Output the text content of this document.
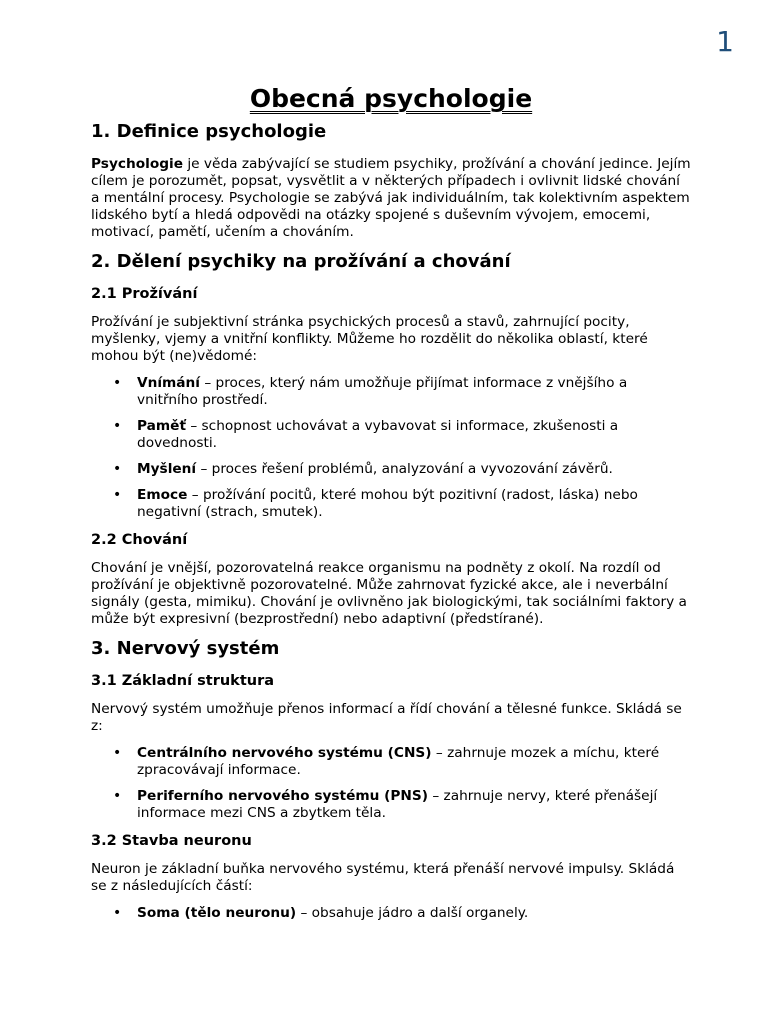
1
Obecná psychologie
1. Definice psychologie

Psychologie je věda zabývající se studiem psychiky, prožívání a chování jedince. Jejím cílem je porozumět, popsat, vysvětlit a v některých případech i ovlivnit lidské chování a mentální procesy. Psychologie se zabývá jak individuálním, tak kolektivním aspektem lidského bytí a hledá odpovědi na otázky spojené s duševním vývojem, emocemi, motivací, pamětí, učením a chováním.

2. Dělení psychiky na prožívání a chování
2.1 Prožívání

Prožívání je subjektivní stránka psychických procesů a stavů, zahrnující pocity, myšlenky, vjemy a vnitřní konflikty. Můžeme ho rozdělit do několika oblastí, které mohou být (ne)vědomé:

• Vnímání – proces, který nám umožňuje přijímat informace z vnějšího a vnitřního prostředí.
• Paměť – schopnost uchovávat a vybavovat si informace, zkušenosti a dovednosti.
• Myšlení – proces řešení problémů, analyzování a vyvozování závěrů.
• Emoce – prožívání pocitů, které mohou být pozitivní (radost, láska) nebo negativní (strach, smutek).
2.2 Chování

Chování je vnější, pozorovatelná reakce organismu na podněty z okolí. Na rozdíl od prožívání je objektivně pozorovatelné. Může zahrnovat fyzické akce, ale i neverbální signály (gesta, mimiku). Chování je ovlivněno jak biologickými, tak sociálními faktory a může být expresivní (bezprostřední) nebo adaptivní (předstírané).

3. Nervový systém
3.1 Základní struktura

Nervový systém umožňuje přenos informací a řídí chování a tělesné funkce. Skládá se z:

• Centrálního nervového systému (CNS) – zahrnuje mozek a míchu, které zpracovávají informace.
• Periferního nervového systému (PNS) – zahrnuje nervy, které přenášejí informace mezi CNS a zbytkem těla.
3.2 Stavba neuronu

Neuron je základní buňka nervového systému, která přenáší nervové impulsy. Skládá se z následujících částí:

• Soma (tělo neuronu) – obsahuje jádro a další organely.
